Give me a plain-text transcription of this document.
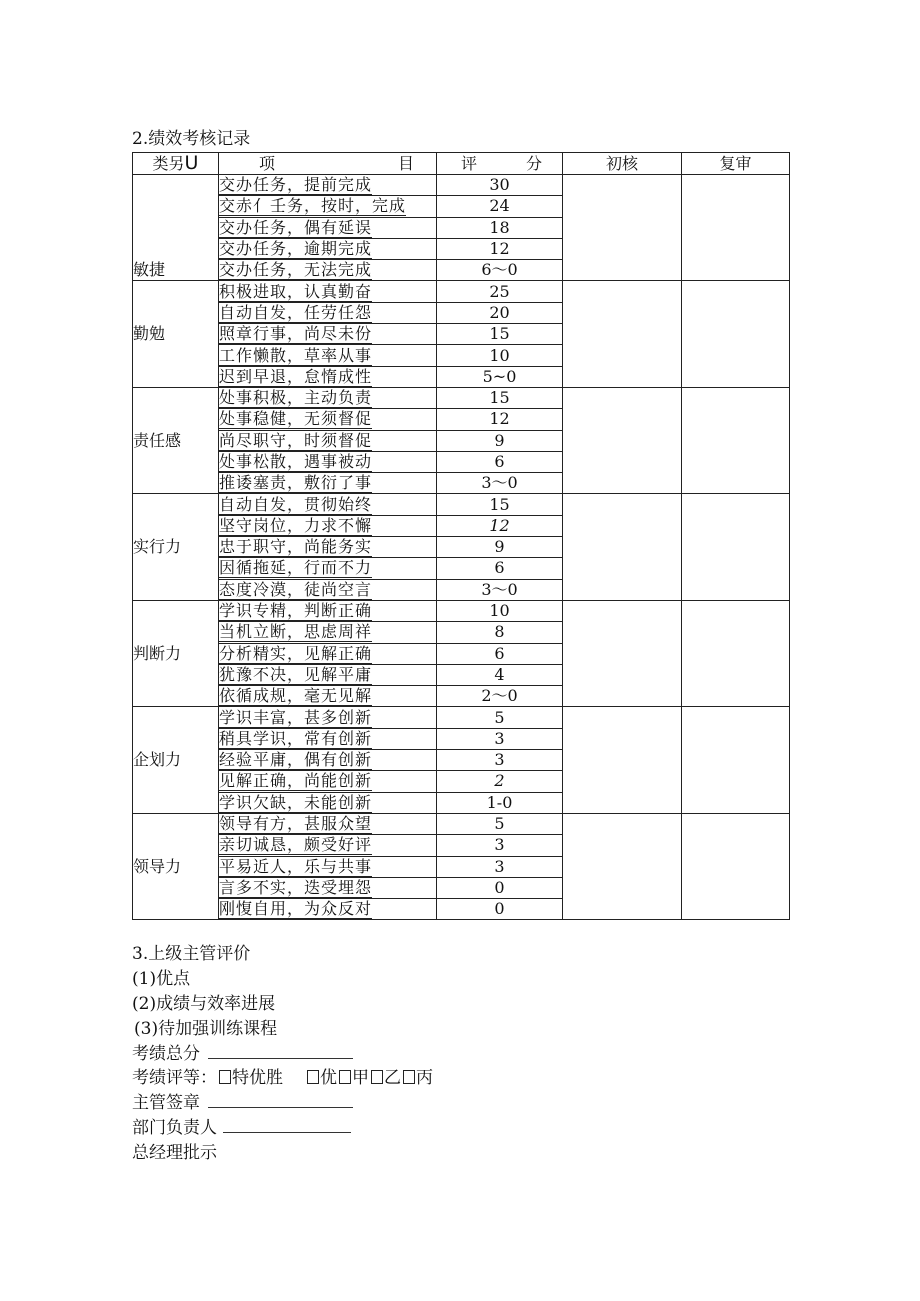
2.绩效考核记录
类另U	项 目	评 分	初核	复审
敏捷	交办任务，提前完成	30		
	交赤亻壬务，按时，完成	24		
	交办任务，偶有延误	18		
	交办任务，逾期完成	12		
	交办任务，无法完成	6～0		
勤勉	积极进取，认真勤奋	25		
	自动自发，任劳任怨	20		
	照章行事，尚尽未份	15		
	工作懒散，草率从事	10		
	迟到早退，怠惰成性	5~0		
责任感	处事积极，主动负责	15		
	处事稳健，无须督促	12		
	尚尽职守，时须督促	9		
	处事松散，遇事被动	6		
	推诿塞责，敷衍了事	3～0		
实行力	自动自发，贯彻始终	15		
	坚守岗位，力求不懈	12		
	忠于职守，尚能务实	9		
	因循拖延，行而不力	6		
	态度冷漠，徒尚空言	3～0		
判断力	学识专精，判断正确	10		
	当机立断，思虑周祥	8		
	分析精实，见解正确	6		
	犹豫不决，见解平庸	4		
	依循成规，毫无见解	2～0		
企划力	学识丰富，甚多创新	5		
	稍具学识，常有创新	3		
	经验平庸，偶有创新	3		
	见解正确，尚能创新	2		
	学识欠缺，未能创新	1-0		
领导力	领导有方，甚服众望	5		
	亲切诚恳，颇受好评	3		
	平易近人，乐与共事	3		
	言多不实，迭受埋怨	0		
	刚愎自用，为众反对	0		
3.上级主管评价
(1)优点
(2)成绩与效率进展
(3)待加强训练课程
考绩总分
考绩评等： 特优胜 优 甲 乙 丙
主管签章
部门负责人
总经理批示
